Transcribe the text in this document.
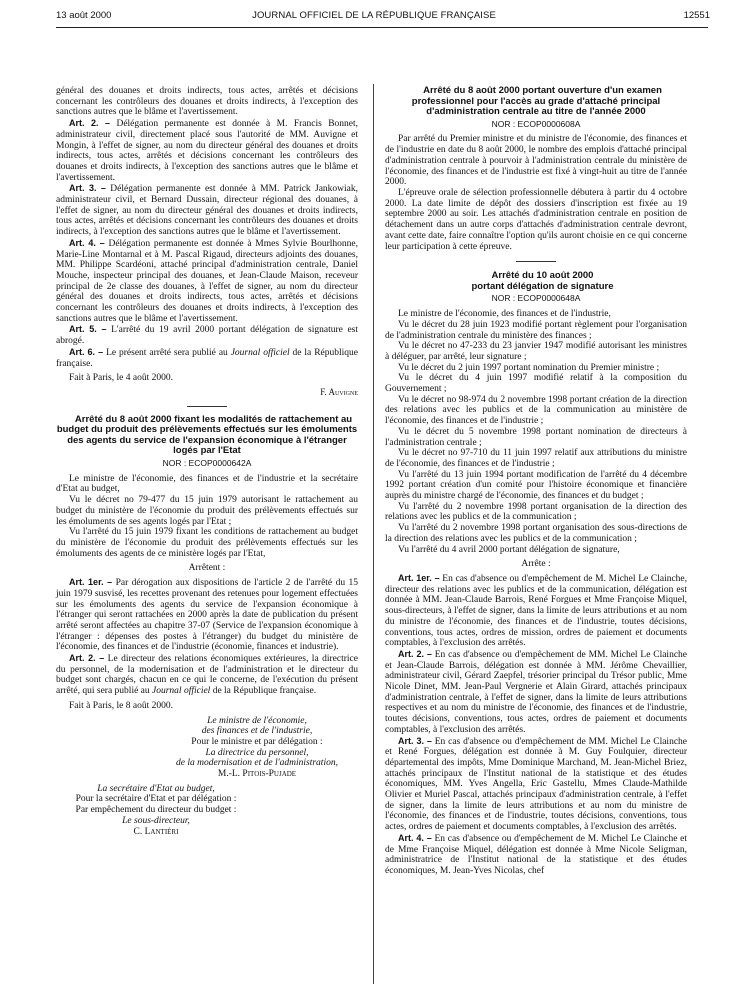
13 août 2000	JOURNAL OFFICIEL DE LA RÉPUBLIQUE FRANÇAISE	12551

général des douanes et droits indirects, tous actes, arrêtés et décisions concernant les contrôleurs des douanes et droits indirects, à l'exception des sanctions autres que le blâme et l'avertissement.

Art. 2. – Délégation permanente est donnée à M. Francis Bonnet, administrateur civil, directement placé sous l'autorité de MM. Auvigne et Mongin, à l'effet de signer, au nom du directeur général des douanes et droits indirects, tous actes, arrêtés et décisions concernant les contrôleurs des douanes et droits indirects, à l'exception des sanctions autres que le blâme et l'avertissement.

Art. 3. – Délégation permanente est donnée à MM. Patrick Jankowiak, administrateur civil, et Bernard Dussain, directeur régional des douanes, à l'effet de signer, au nom du directeur général des douanes et droits indirects, tous actes, arrêtés et décisions concernant les contrôleurs des douanes et droits indirects, à l'exception des sanctions autres que le blâme et l'avertissement.

Art. 4. – Délégation permanente est donnée à Mmes Sylvie Bourlhonne, Marie-Line Montarnal et à M. Pascal Rigaud, directeurs adjoints des douanes, MM. Philippe Scardéoni, attaché principal d'administration centrale, Daniel Mouche, inspecteur principal des douanes, et Jean-Claude Maison, receveur principal de 2e classe des douanes, à l'effet de signer, au nom du directeur général des douanes et droits indirects, tous actes, arrêtés et décisions concernant les contrôleurs des douanes et droits indirects, à l'exception des sanctions autres que le blâme et l'avertissement.

Art. 5. – L'arrêté du 19 avril 2000 portant délégation de signature est abrogé.

Art. 6. – Le présent arrêté sera publié au Journal officiel de la République française.

Fait à Paris, le 4 août 2000.

F. Auvigne

Arrêté du 8 août 2000 fixant les modalités de rattachement au budget du produit des prélèvements effectués sur les émoluments des agents du service de l'expansion économique à l'étranger logés par l'Etat

NOR : ECOP0000642A

Le ministre de l'économie, des finances et de l'industrie et la secrétaire d'Etat au budget,

Vu le décret no 79-477 du 15 juin 1979 autorisant le rattachement au budget du ministère de l'économie du produit des prélèvements effectués sur les émoluments de ses agents logés par l'Etat ;

Vu l'arrêté du 15 juin 1979 fixant les conditions de rattachement au budget du ministère de l'économie du produit des prélèvements effectués sur les émoluments des agents de ce ministère logés par l'Etat,

Arrêtent :

Art. 1er. – Par dérogation aux dispositions de l'article 2 de l'arrêté du 15 juin 1979 susvisé, les recettes provenant des retenues pour logement effectuées sur les émoluments des agents du service de l'expansion économique à l'étranger qui seront rattachées en 2000 après la date de publication du présent arrêté seront affectées au chapitre 37-07 (Service de l'expansion économique à l'étranger : dépenses des postes à l'étranger) du budget du ministère de l'économie, des finances et de l'industrie (économie, finances et industrie).

Art. 2. – Le directeur des relations économiques extérieures, la directrice du personnel, de la modernisation et de l'administration et le directeur du budget sont chargés, chacun en ce qui le concerne, de l'exécution du présent arrêté, qui sera publié au Journal officiel de la République française.

Fait à Paris, le 8 août 2000.

Le ministre de l'économie,
des finances et de l'industrie,
Pour le ministre et par délégation :
La directrice du personnel,
de la modernisation et de l'administration,
M.-L. Pitois-Pujade
La secrétaire d'Etat au budget,
Pour la secrétaire d'Etat et par délégation :
Par empêchement du directeur du budget :
Le sous-directeur,
C. Lantiéri

Arrêté du 8 août 2000 portant ouverture d'un examen professionnel pour l'accès au grade d'attaché principal d'administration centrale au titre de l'année 2000

NOR : ECOP0000608A

Par arrêté du Premier ministre et du ministre de l'économie, des finances et de l'industrie en date du 8 août 2000, le nombre des emplois d'attaché principal d'administration centrale à pourvoir à l'administration centrale du ministère de l'économie, des finances et de l'industrie est fixé à vingt-huit au titre de l'année 2000.

L'épreuve orale de sélection professionnelle débutera à partir du 4 octobre 2000. La date limite de dépôt des dossiers d'inscription est fixée au 19 septembre 2000 au soir. Les attachés d'administration centrale en position de détachement dans un autre corps d'attachés d'administration centrale devront, avant cette date, faire connaître l'option qu'ils auront choisie en ce qui concerne leur participation à cette épreuve.

Arrêté du 10 août 2000

portant délégation de signature

NOR : ECOP0000648A

Le ministre de l'économie, des finances et de l'industrie,

Vu le décret du 28 juin 1923 modifié portant règlement pour l'organisation de l'administration centrale du ministère des finances ;

Vu le décret no 47-233 du 23 janvier 1947 modifié autorisant les ministres à déléguer, par arrêté, leur signature ;

Vu le décret du 2 juin 1997 portant nomination du Premier ministre ;

Vu le décret du 4 juin 1997 modifié relatif à la composition du Gouvernement ;

Vu le décret no 98-974 du 2 novembre 1998 portant création de la direction des relations avec les publics et de la communication au ministère de l'économie, des finances et de l'industrie ;

Vu le décret du 5 novembre 1998 portant nomination de directeurs à l'administration centrale ;

Vu le décret no 97-710 du 11 juin 1997 relatif aux attributions du ministre de l'économie, des finances et de l'industrie ;

Vu l'arrêté du 13 juin 1994 portant modification de l'arrêté du 4 décembre 1992 portant création d'un comité pour l'histoire économique et financière auprès du ministre chargé de l'économie, des finances et du budget ;

Vu l'arrêté du 2 novembre 1998 portant organisation de la direction des relations avec les publics et de la communication ;

Vu l'arrêté du 2 novembre 1998 portant organisation des sous-directions de la direction des relations avec les publics et de la communication ;

Vu l'arrêté du 4 avril 2000 portant délégation de signature,

Arrête :

Art. 1er. – En cas d'absence ou d'empêchement de M. Michel Le Clainche, directeur des relations avec les publics et de la communication, délégation est donnée à MM. Jean-Claude Barrois, René Forgues et Mme Françoise Miquel, sous-directeurs, à l'effet de signer, dans la limite de leurs attributions et au nom du ministre de l'économie, des finances et de l'industrie, toutes décisions, conventions, tous actes, ordres de mission, ordres de paiement et documents comptables, à l'exclusion des arrêtés.

Art. 2. – En cas d'absence ou d'empêchement de MM. Michel Le Clainche et Jean-Claude Barrois, délégation est donnée à MM. Jérôme Chevaillier, administrateur civil, Gérard Zaepfel, trésorier principal du Trésor public, Mme Nicole Dinet, MM. Jean-Paul Vergnerie et Alain Girard, attachés principaux d'administration centrale, à l'effet de signer, dans la limite de leurs attributions respectives et au nom du ministre de l'économie, des finances et de l'industrie, toutes décisions, conventions, tous actes, ordres de paiement et documents comptables, à l'exclusion des arrêtés.

Art. 3. – En cas d'absence ou d'empêchement de MM. Michel Le Clainche et René Forgues, délégation est donnée à M. Guy Foulquier, directeur départemental des impôts, Mme Dominique Marchand, M. Jean-Michel Briez, attachés principaux de l'Institut national de la statistique et des études économiques, MM. Yves Angella, Eric Gastellu, Mmes Claude-Mathilde Olivier et Muriel Pascal, attachés principaux d'administration centrale, à l'effet de signer, dans la limite de leurs attributions et au nom du ministre de l'économie, des finances et de l'industrie, toutes décisions, conventions, tous actes, ordres de paiement et documents comptables, à l'exclusion des arrêtés.

Art. 4. – En cas d'absence ou d'empêchement de M. Michel Le Clainche et de Mme Françoise Miquel, délégation est donnée à Mme Nicole Seligman, administratrice de l'Institut national de la statistique et des études économiques, M. Jean-Yves Nicolas, chef
